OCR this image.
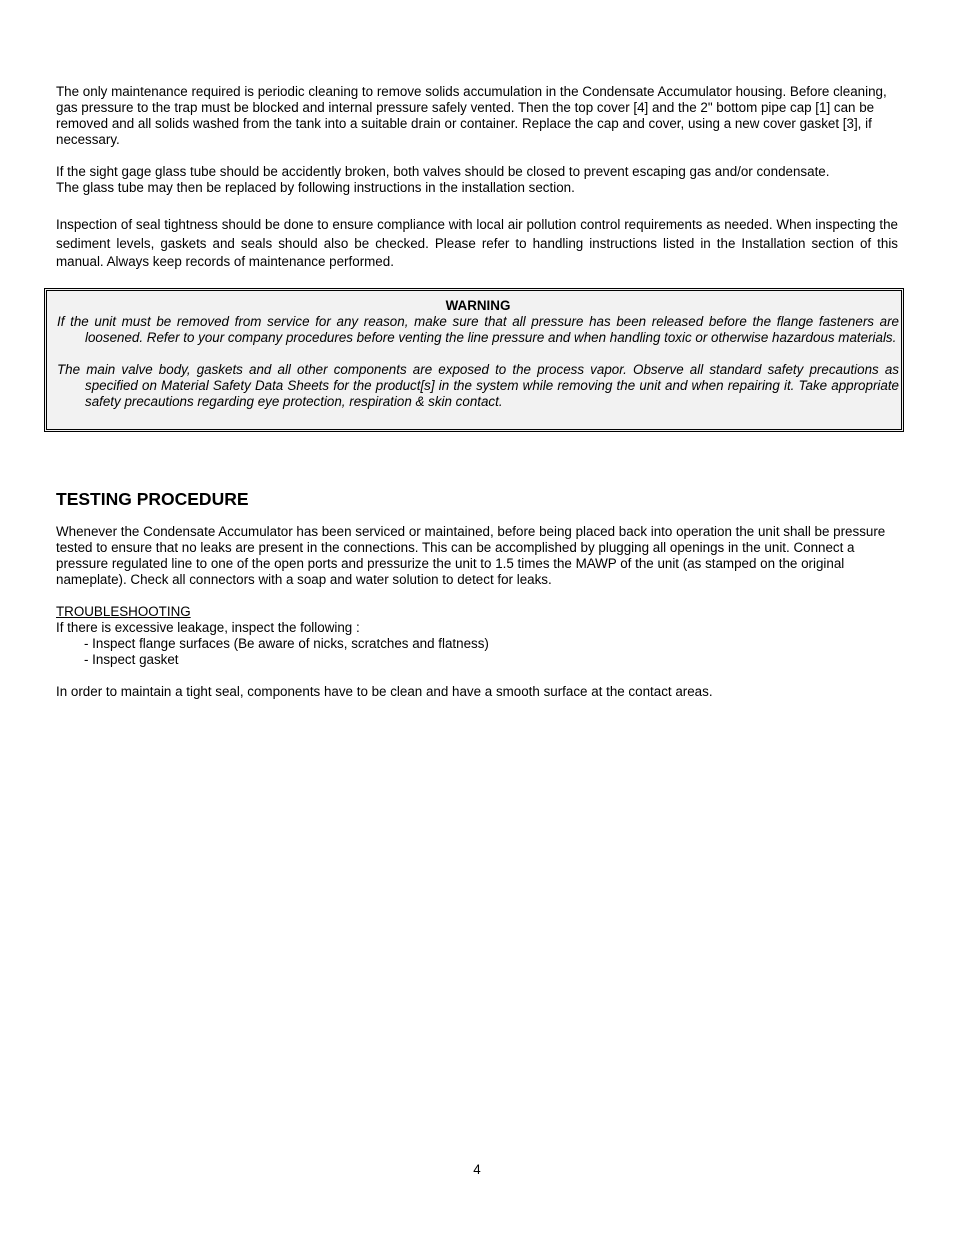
The only maintenance required is periodic cleaning to remove solids accumulation in the Condensate Accumulator housing. Before cleaning, gas pressure to the trap must be blocked and internal pressure safely vented. Then the top cover [4] and the 2" bottom pipe cap [1] can be removed and all solids washed from the tank into a suitable drain or container. Replace the cap and cover, using a new cover gasket [3], if necessary.

If the sight gage glass tube should be accidently broken, both valves should be closed to prevent escaping gas and/or condensate.
The glass tube may then be replaced by following instructions in the installation section.

Inspection of seal tightness should be done to ensure compliance with local air pollution control requirements as needed. When inspecting the sediment levels, gaskets and seals should also be checked. Please refer to handling instructions listed in the Installation section of this manual. Always keep records of maintenance performed.

WARNING

If the unit must be removed from service for any reason, make sure that all pressure has been released before the flange fasteners are loosened. Refer to your company procedures before venting the line pressure and when handling toxic or otherwise hazardous materials.

The main valve body, gaskets and all other components are exposed to the process vapor. Observe all standard safety precautions as specified on Material Safety Data Sheets for the product[s] in the system while removing the unit and when repairing it. Take appropriate safety precautions regarding eye protection, respiration & skin contact.

TESTING PROCEDURE

Whenever the Condensate Accumulator has been serviced or maintained, before being placed back into operation the unit shall be pressure tested to ensure that no leaks are present in the connections. This can be accomplished by plugging all openings in the unit. Connect a pressure regulated line to one of the open ports and pressurize the unit to 1.5 times the MAWP of the unit (as stamped on the original nameplate). Check all connectors with a soap and water solution to detect for leaks.

TROUBLESHOOTING

If there is excessive leakage, inspect the following :

- Inspect flange surfaces (Be aware of nicks, scratches and flatness)

- Inspect gasket

In order to maintain a tight seal, components have to be clean and have a smooth surface at the contact areas.

4
